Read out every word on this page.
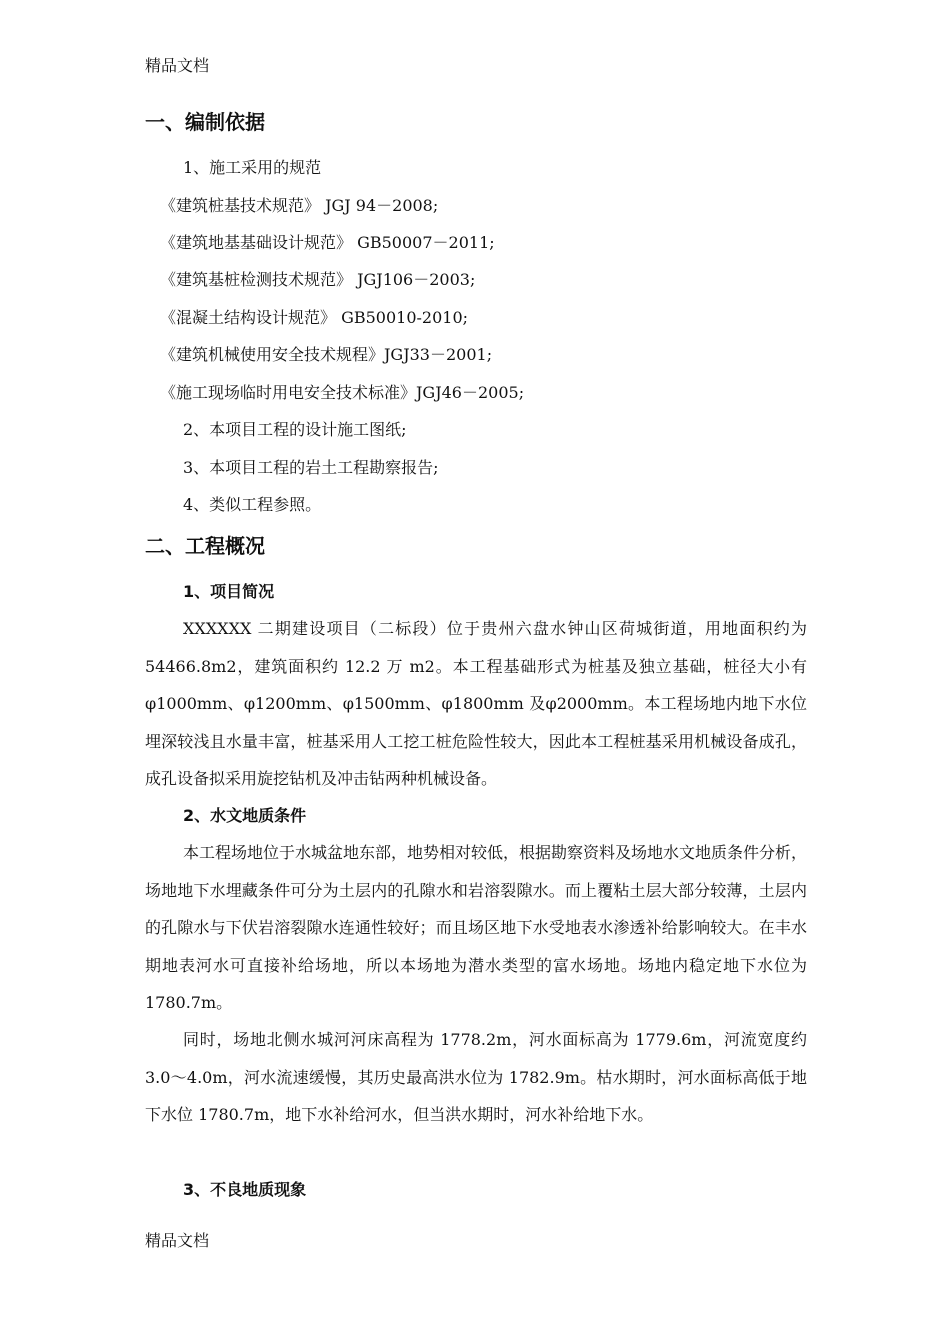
精品文档
一、编制依据
1、施工采用的规范
《建筑桩基技术规范》 JGJ 94－2008;
《建筑地基基础设计规范》 GB50007－2011;
《建筑基桩检测技术规范》 JGJ106－2003;
《混凝土结构设计规范》 GB50010-2010;
《建筑机械使用安全技术规程》JGJ33－2001;
《施工现场临时用电安全技术标准》JGJ46－2005;
2、本项目工程的设计施工图纸;
3、本项目工程的岩土工程勘察报告;
4、类似工程参照。
二、工程概况
1、项目简况
XXXXXX 二期建设项目（二标段）位于贵州六盘水钟山区荷城街道，用地面积约为 54466.8m2，建筑面积约 12.2 万 m2。本工程基础形式为桩基及独立基础，桩径大小有φ1000mm、φ1200mm、φ1500mm、φ1800mm 及φ2000mm。本工程场地内地下水位埋深较浅且水量丰富，桩基采用人工挖工桩危险性较大，因此本工程桩基采用机械设备成孔，成孔设备拟采用旋挖钻机及冲击钻两种机械设备。
2、水文地质条件
本工程场地位于水城盆地东部，地势相对较低，根据勘察资料及场地水文地质条件分析，场地地下水埋藏条件可分为土层内的孔隙水和岩溶裂隙水。而上覆粘土层大部分较薄，土层内的孔隙水与下伏岩溶裂隙水连通性较好；而且场区地下水受地表水渗透补给影响较大。在丰水期地表河水可直接补给场地，所以本场地为潜水类型的富水场地。场地内稳定地下水位为 1780.7m。
同时，场地北侧水城河河床高程为 1778.2m，河水面标高为 1779.6m，河流宽度约 3.0～4.0m，河水流速缓慢，其历史最高洪水位为 1782.9m。枯水期时，河水面标高低于地下水位 1780.7m，地下水补给河水，但当洪水期时，河水补给地下水。
3、不良地质现象
精品文档
